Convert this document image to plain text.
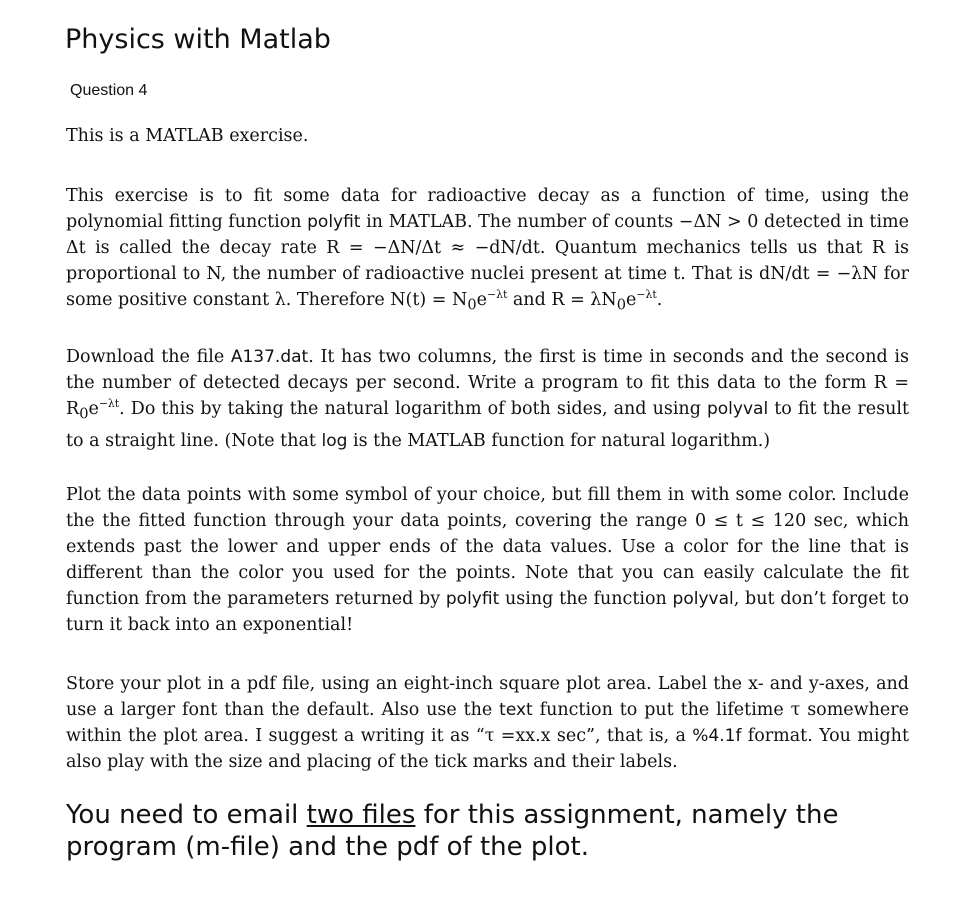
Physics with Matlab
Question 4
This is a MATLAB exercise.
This exercise is to fit some data for radioactive decay as a function of time, using the polynomial fitting function polyfit in MATLAB. The number of counts −ΔN > 0 detected in time Δt is called the decay rate R = −ΔN/Δt ≈ −dN/dt. Quantum mechanics tells us that R is proportional to N, the number of radioactive nuclei present at time t. That is dN/dt = −λN for some positive constant λ. Therefore $N(t) = N_0e^{-\lambda t}$ and $R = \lambda N_0e^{-\lambda t}$.
Download the file A137.dat. It has two columns, the first is time in seconds and the second is the number of detected decays per second. Write a program to fit this data to the form $R = R_0e^{-\lambda t}$. Do this by taking the natural logarithm of both sides, and using polyval to fit the result to a straight line. (Note that log is the MATLAB function for natural logarithm.)
Plot the data points with some symbol of your choice, but fill them in with some color. Include the the fitted function through your data points, covering the range 0 ≤ t ≤ 120 sec, which extends past the lower and upper ends of the data values. Use a color for the line that is different than the color you used for the points. Note that you can easily calculate the fit function from the parameters returned by polyfit using the function polyval, but don’t forget to turn it back into an exponential!
Store your plot in a pdf file, using an eight-inch square plot area. Label the x- and y-axes, and use a larger font than the default. Also use the text function to put the lifetime τ somewhere within the plot area. I suggest a writing it as “τ =xx.x sec”, that is, a %4.1f format. You might also play with the size and placing of the tick marks and their labels.
You need to email two files for this assignment, namely the program (m-file) and the pdf of the plot.
